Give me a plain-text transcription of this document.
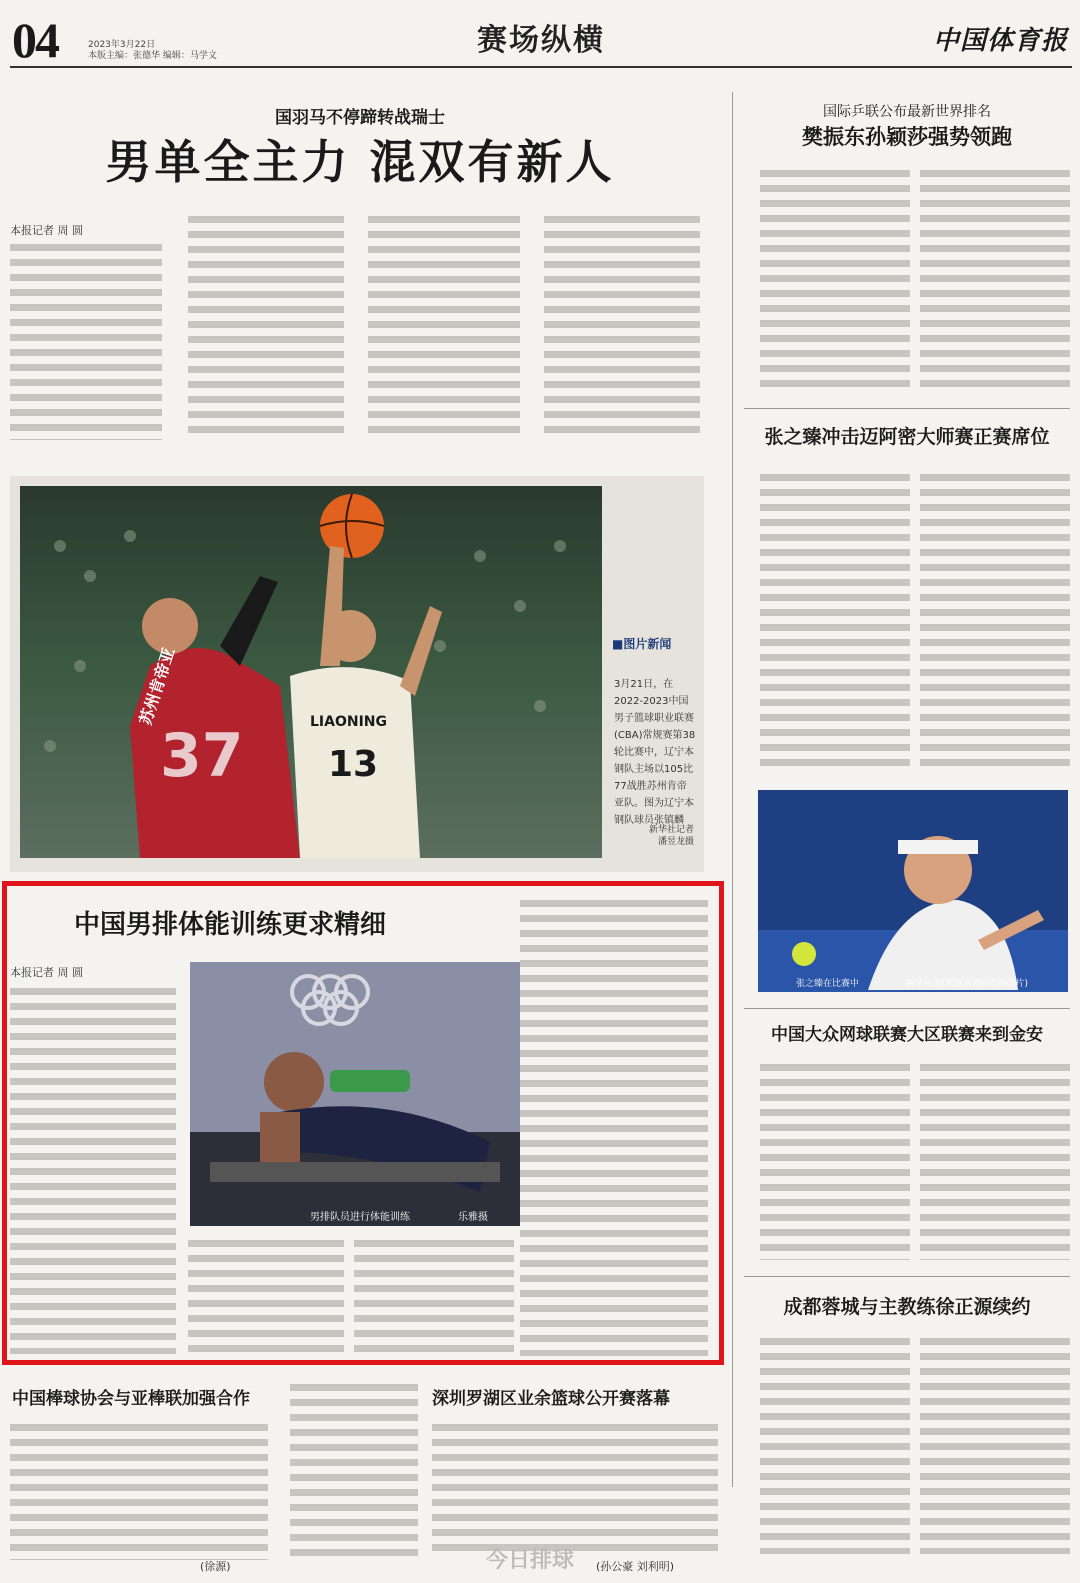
04	2023年3月22日
本版主编：张德华 编辑：马学文	赛场纵横	中国体育报
国羽马不停蹄转战瑞士
男单全主力 混双有新人
本报记者 周 圆
37
苏州肯帝亚	LIAONING
13
■图片新闻
3月21日，在2022-2023中国男子篮球职业联赛(CBA)常规赛第38轮比赛中，辽宁本钢队主场以105比77战胜苏州肯帝亚队。图为辽宁本钢队球员张镇麟
新华社记者
潘昱龙摄
中国男排体能训练更求精细
本报记者 周 圆
男排队员进行体能训练	乐雅摄
国际乒联公布最新世界排名
樊振东孙颖莎强势领跑
张之臻冲击迈阿密大师赛正赛席位
张之臻在比赛中	新华社发(胡遂辰摄)(资料图片)
中国大众网球联赛大区联赛来到金安
成都蓉城与主教练徐正源续约
中国棒球协会与亚棒联加强合作
(徐源)
深圳罗湖区业余篮球公开赛落幕
(孙公豪 刘利明)
今日排球
